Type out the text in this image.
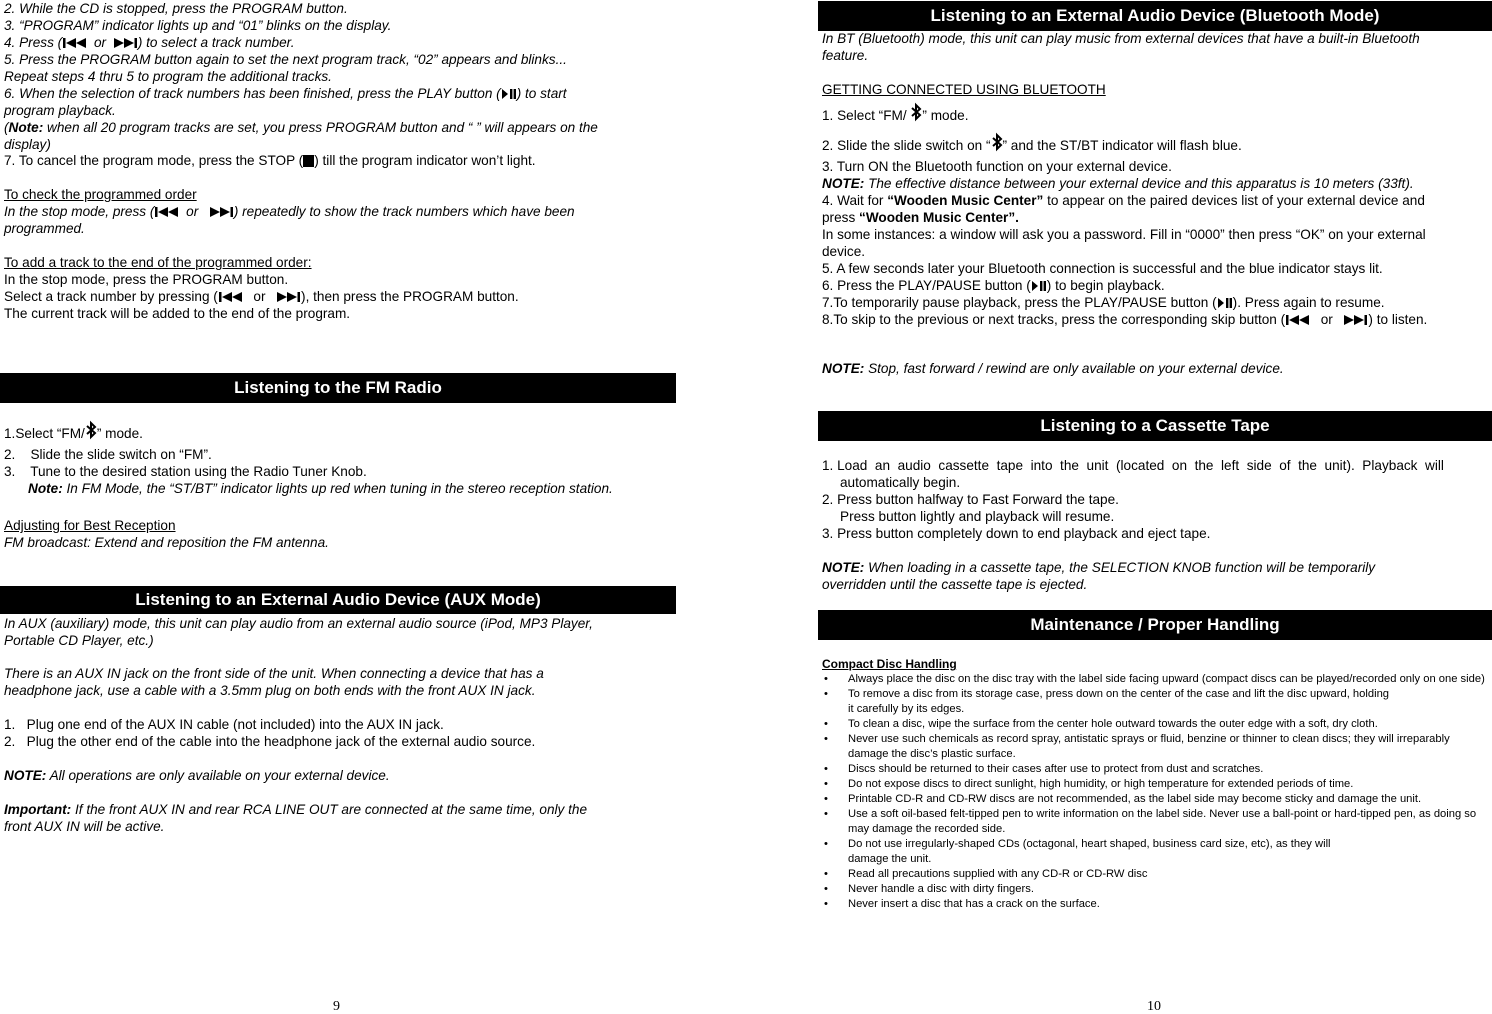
2. While the CD is stopped, press the PROGRAM button.

3. “PROGRAM” indicator lights up and “01” blinks on the display.

4. Press ( or ) to select a track number.

5. Press the PROGRAM button again to set the next program track, “02” appears and blinks...

Repeat steps 4 thru 5 to program the additional tracks.

6. When the selection of track numbers has been finished, press the PLAY button ( ) to start

program playback.

(Note: when all 20 program tracks are set, you press PROGRAM button and “ ” will appears on the

display)

7. To cancel the program mode, press the STOP ( ) till the program indicator won’t light.

To check the programmed order

In the stop mode, press ( or	) repeatedly to show the track numbers which have been

programmed.

To add a track to the end of the programmed order:

In the stop mode, press the PROGRAM button.

Select a track number by pressing (	or	), then press the PROGRAM button.

The current track will be added to the end of the program.

Listening to the FM Radio

1.Select “FM/ ” mode.

2.    Slide the slide switch on “FM”.

3.    Tune to the desired station using the Radio Tuner Knob.

Note: In FM Mode, the “ST/BT” indicator lights up red when tuning in the stereo reception station.

Adjusting for Best Reception

FM broadcast: Extend and reposition the FM antenna.

Listening to an External Audio Device (AUX Mode)

In AUX (auxiliary) mode, this unit can play audio from an external audio source (iPod, MP3 Player,

Portable CD Player, etc.)

There is an AUX IN jack on the front side of the unit. When connecting a device that has a

headphone jack, use a cable with a 3.5mm plug on both ends with the front AUX IN jack.

1.   Plug one end of the AUX IN cable (not included) into the AUX IN jack.

2.   Plug the other end of the cable into the headphone jack of the external audio source.

NOTE: All operations are only available on your external device.

Important: If the front AUX IN and rear RCA LINE OUT are connected at the same time, only the

front AUX IN will be active.

9
Listening to an External Audio Device (Bluetooth Mode)

In BT (Bluetooth) mode, this unit can play music from external devices that have a built-in Bluetooth

feature.

GETTING CONNECTED USING BLUETOOTH

1. Select “FM/ ” mode.

2. Slide the slide switch on “ ” and the ST/BT indicator will flash blue.

3. Turn ON the Bluetooth function on your external device.

NOTE: The effective distance between your external device and this apparatus is 10 meters (33ft).

4. Wait for “Wooden Music Center” to appear on the paired devices list of your external device and

press “Wooden Music Center”.

In some instances: a window will ask you a password. Fill in “0000” then press “OK” on your external

device.

5. A few seconds later your Bluetooth connection is successful and the blue indicator stays lit.

6. Press the PLAY/PAUSE button ( ) to begin playback.

7.To temporarily pause playback, press the PLAY/PAUSE button ( ). Press again to resume.

8.To skip to the previous or next tracks, press the corresponding skip button (	or	) to listen.

NOTE: Stop, fast forward / rewind are only available on your external device.

Listening to a Cassette Tape

1. Load  an  audio  cassette  tape  into  the  unit  (located  on  the  left  side  of  the  unit).  Playback  will

automatically begin.

2. Press button halfway to Fast Forward the tape.

Press button lightly and playback will resume.

3. Press button completely down to end playback and eject tape.

NOTE: When loading in a cassette tape, the SELECTION KNOB function will be temporarily

overridden until the cassette tape is ejected.

Maintenance / Proper Handling

Compact Disc Handling

• Always place the disc on the disc tray with the label side facing upward (compact discs can be played/recorded only on one side)

• To remove a disc from its storage case, press down on the center of the case and lift the disc upward, holding it carefully by its edges.

• To clean a disc, wipe the surface from the center hole outward towards the outer edge with a soft, dry cloth.

• Never use such chemicals as record spray, antistatic sprays or fluid, benzine or thinner to clean discs; they will irreparably damage the disc’s plastic surface.

• Discs should be returned to their cases after use to protect from dust and scratches.

• Do not expose discs to direct sunlight, high humidity, or high temperature for extended periods of time.

• Printable CD-R and CD-RW discs are not recommended, as the label side may become sticky and damage the unit.

• Use a soft oil-based felt-tipped pen to write information on the label side. Never use a ball-point or hard-tipped pen, as doing so may damage the recorded side.

• Do not use irregularly-shaped CDs (octagonal, heart shaped, business card size, etc), as they will damage the unit.

• Read all precautions supplied with any CD-R or CD-RW disc

• Never handle a disc with dirty fingers.

• Never insert a disc that has a crack on the surface.

10
